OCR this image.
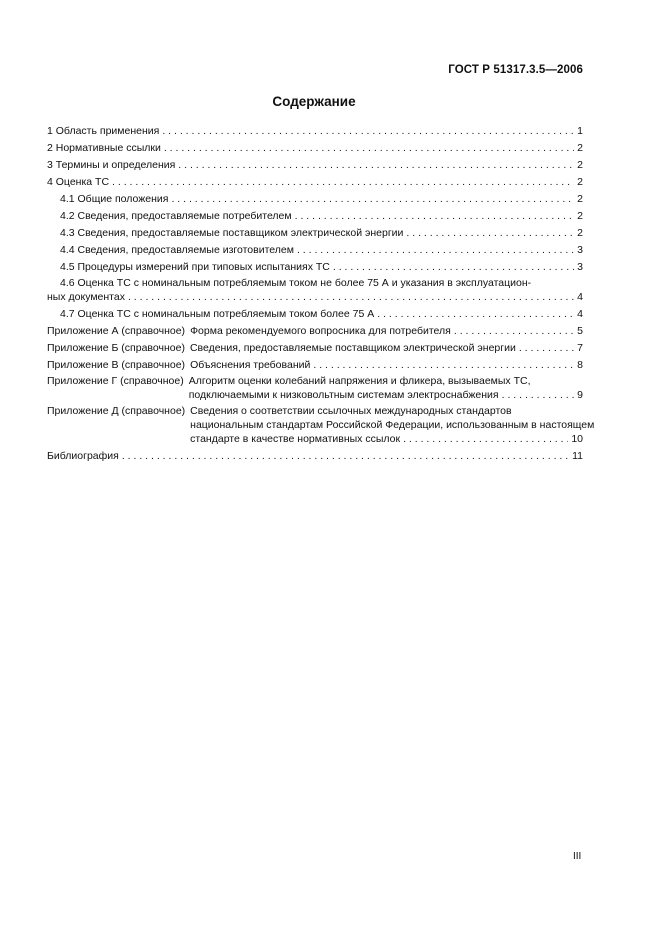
ГОСТ Р 51317.3.5—2006
Содержание
1 Область применения . . .	1
2 Нормативные ссылки . . .	2
3 Термины и определения . . .	2
4 Оценка ТС . . .	2
4.1 Общие положения . . .	2
4.2 Сведения, предоставляемые потребителем . . .	2
4.3 Сведения, предоставляемые поставщиком электрической энергии . . .	2
4.4 Сведения, предоставляемые изготовителем . . .	3
4.5 Процедуры измерений при типовых испытаниях ТС . . .	3
4.6 Оценка ТС с номинальным потребляемым током не более 75 А и указания в эксплуатацион-
ных документах . . .	4
4.7 Оценка ТС с номинальным потребляемым током более 75 А . . .	4
Приложение А (справочное) Форма рекомендуемого вопросника для потребителя . . .	5
Приложение Б (справочное) Сведения, предоставляемые поставщиком электрической энергии . . .	7
Приложение В (справочное) Объяснения требований . . .	8
Приложение Г (справочное) Алгоритм оценки колебаний напряжения и фликера, вызываемых ТС,
подключаемыми к низковольтным системам электроснабжения . . .	9
Приложение Д (справочное) Сведения о соответствии ссылочных международных стандартов
национальным стандартам Российской Федерации, использованным в настоящем
стандарте в качестве нормативных ссылок . . .	10
Библиография . . .	11
III
